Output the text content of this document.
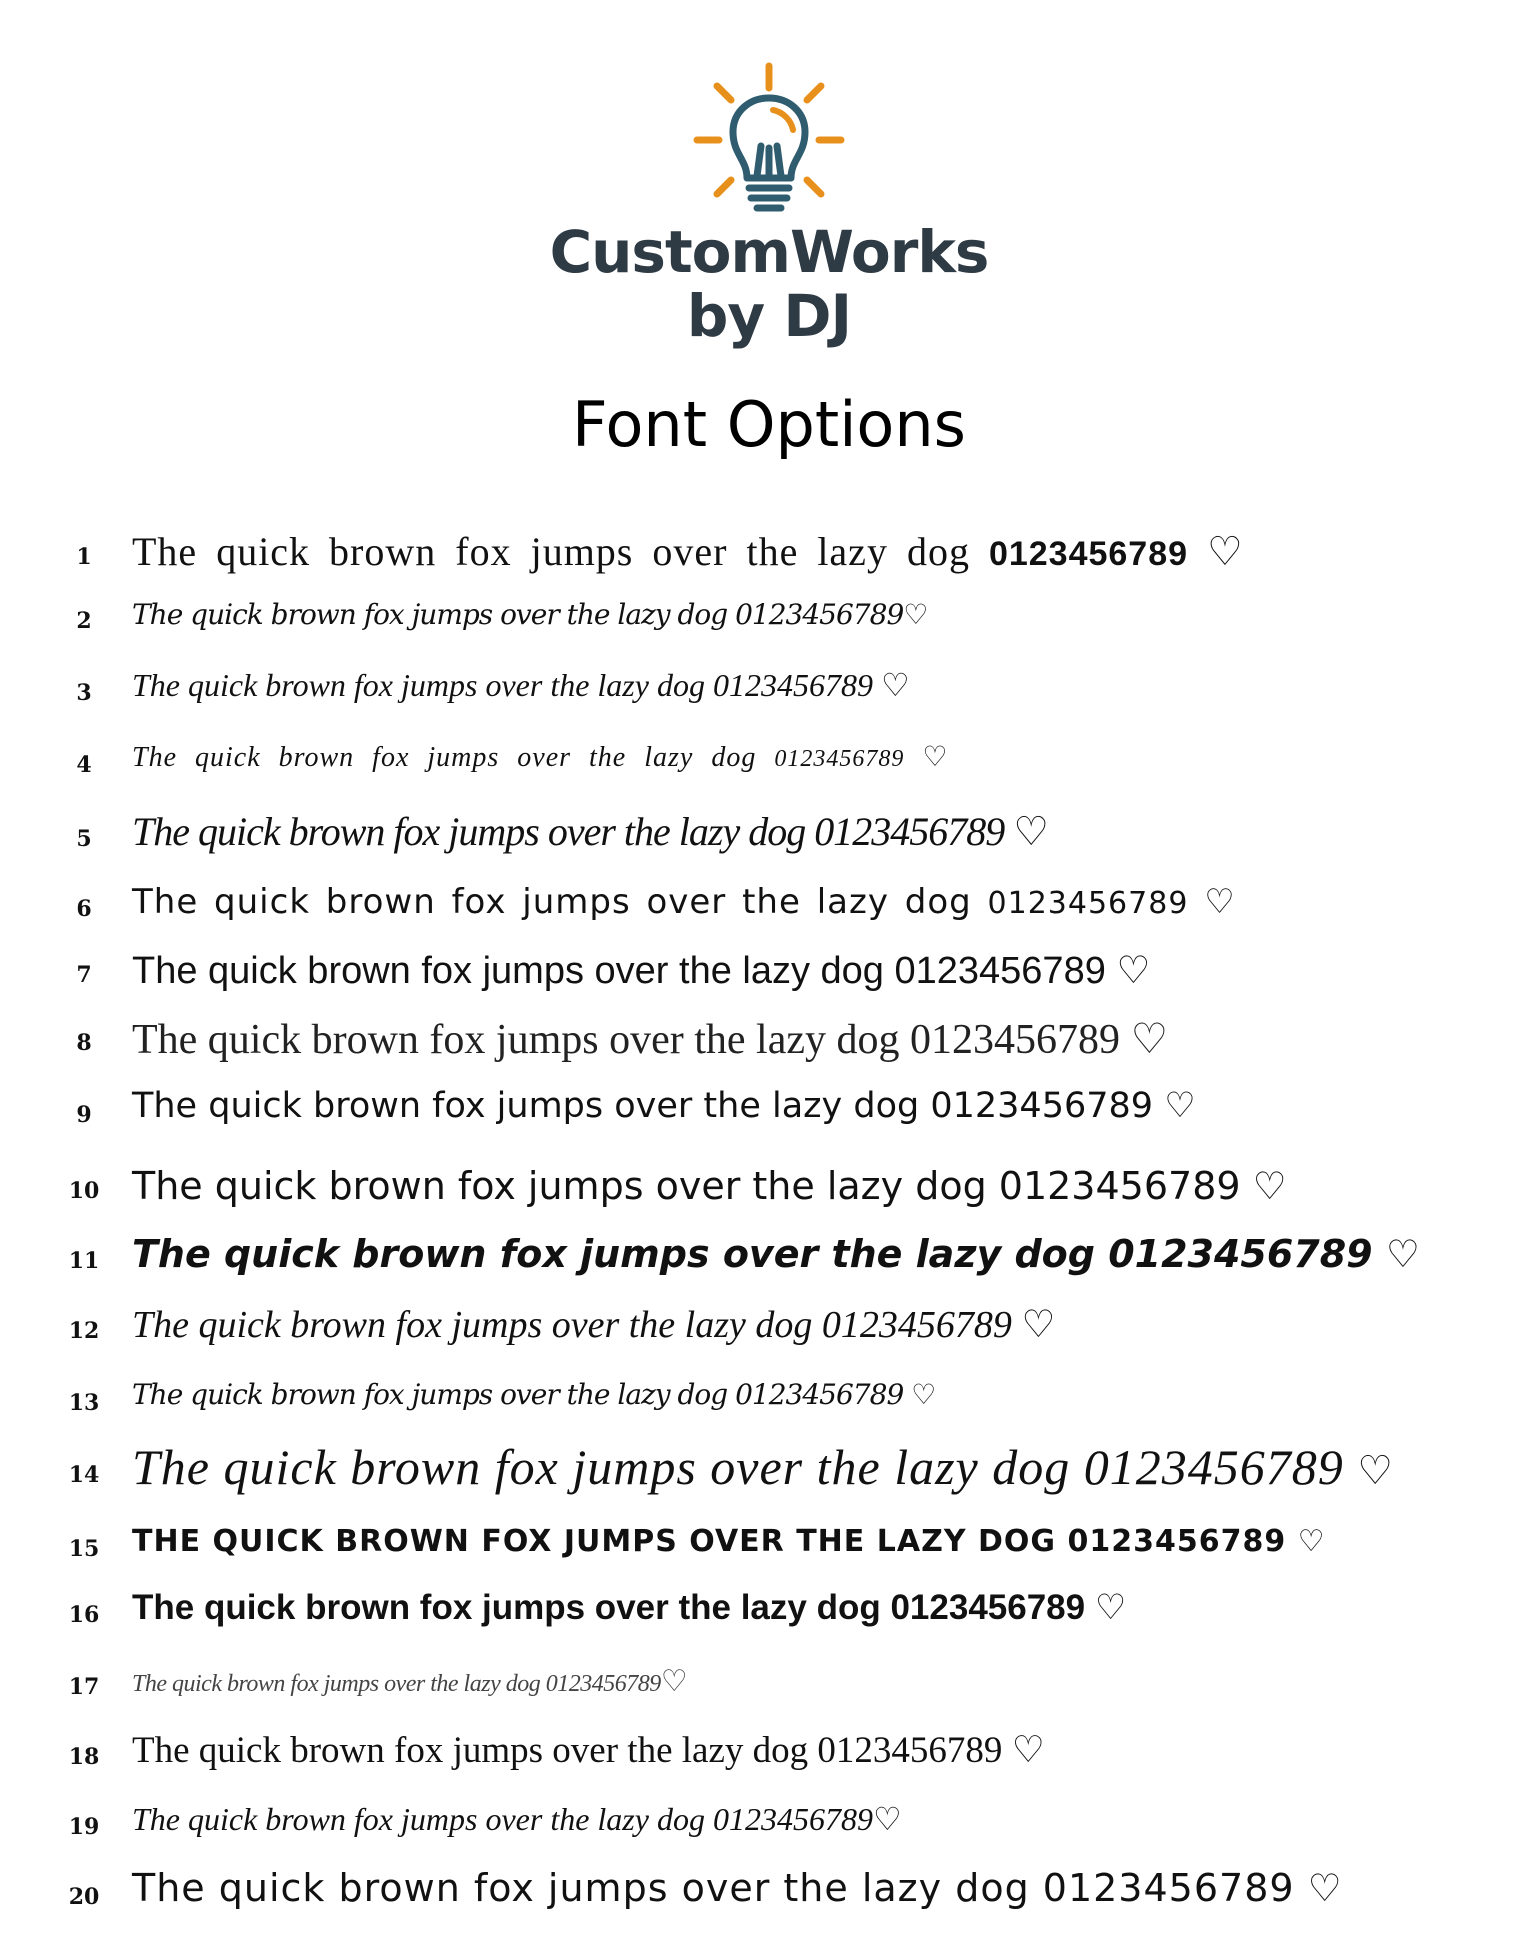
CustomWorks
by DJ
Font Options
1	The quick brown fox jumps over the lazy dog 0123456789 ♡
2	The quick brown fox jumps over the lazy dog 0123456789♡
3	The quick brown fox jumps over the lazy dog 0123456789 ♡
4	The quick brown fox jumps over the lazy dog 0123456789 ♡
5	The quick brown fox jumps over the lazy dog 0123456789 ♡
6	The quick brown fox jumps over the lazy dog 0123456789 ♡
7	The quick brown fox jumps over the lazy dog 0123456789 ♡
8 The quick brown fox jumps over the lazy dog 0123456789 ♡
9	The quick brown fox jumps over the lazy dog 0123456789 ♡
10 The quick brown fox jumps over the lazy dog 0123456789 ♡
11 The quick brown fox jumps over the lazy dog 0123456789 ♡
12 The quick brown fox jumps over the lazy dog 0123456789 ♡
13	The quick brown fox jumps over the lazy dog 0123456789 ♡
14 The quick brown fox jumps over the lazy dog 0123456789 ♡
15 THE QUICK BROWN FOX JUMPS OVER THE LAZY DOG 0123456789 ♡
16 The quick brown fox jumps over the lazy dog 0123456789 ♡
17	The quick brown fox jumps over the lazy dog 0123456789♡
18 The quick brown fox jumps over the lazy dog 0123456789 ♡
19 The quick brown fox jumps over the lazy dog 0123456789♡
20 The quick brown fox jumps over the lazy dog 0123456789 ♡
